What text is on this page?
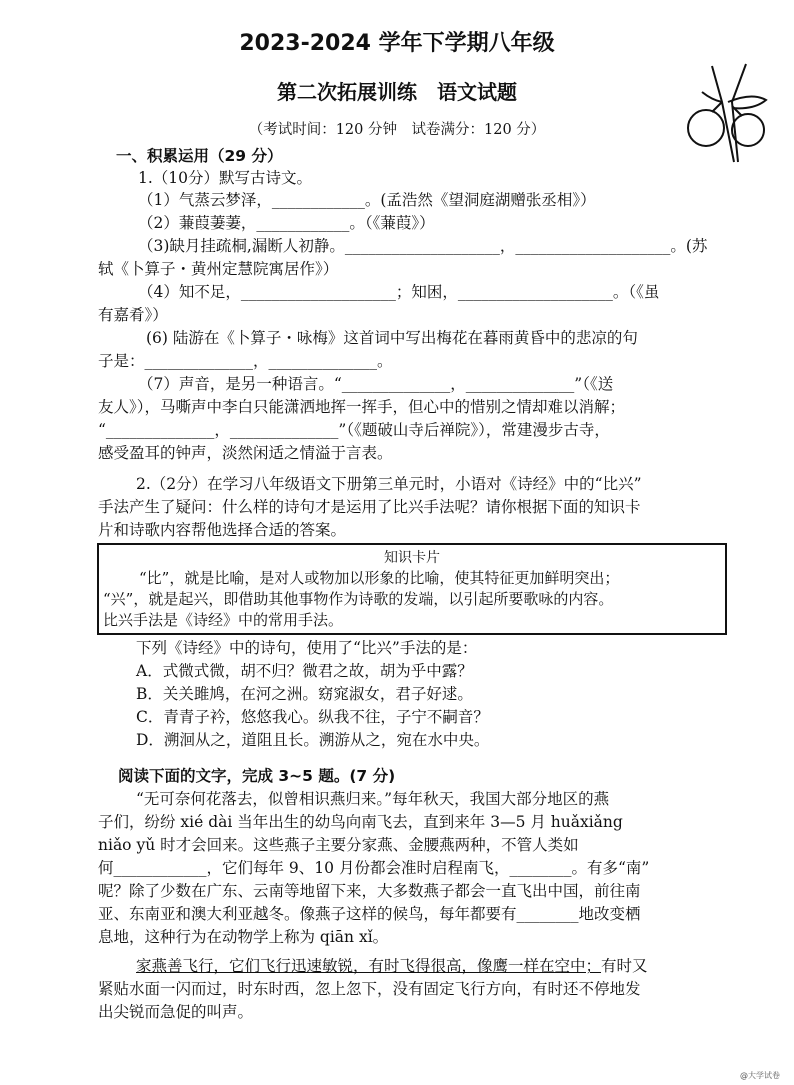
2023-2024 学年下学期八年级
第二次拓展训练　语文试题
（考试时间：120 分钟　试卷满分：120 分）
一、积累运用（29 分）
1.（10分）默写古诗文。
（1）气蒸云梦泽，____________。(孟浩然《望洞庭湖赠张丞相》）
（2）蒹葭萋萋，____________。（《蒹葭》）
（3)缺月挂疏桐,漏断人初静。____________________，____________________。(苏
轼《卜算子・黄州定慧院寓居作》）
（4）知不足，____________________；知困，____________________。（《虽
有嘉肴》）
(6) 陆游在《卜算子・咏梅》这首词中写出梅花在暮雨黄昏中的悲凉的句
子是：______________，______________。
（7）声音，是另一种语言。“______________，______________”（《送
友人》），马嘶声中李白只能潇洒地挥一挥手，但心中的惜别之情却难以消解；
“______________，______________”（《题破山寺后禅院》），常建漫步古寺，
感受盈耳的钟声，淡然闲适之情溢于言表。
2.（2分）在学习八年级语文下册第三单元时，小语对《诗经》中的“比兴”
手法产生了疑问：什么样的诗句才是运用了比兴手法呢？请你根据下面的知识卡
片和诗歌内容帮他选择合适的答案。
知识卡片
“比”，就是比喻，是对人或物加以形象的比喻，使其特征更加鲜明突出；
“兴”，就是起兴，即借助其他事物作为诗歌的发端，以引起所要歌咏的内容。
比兴手法是《诗经》中的常用手法。
下列《诗经》中的诗句，使用了“比兴”手法的是：
A．式微式微，胡不归？微君之故，胡为乎中露？
B．关关雎鸠，在河之洲。窈窕淑女，君子好逑。
C．青青子衿，悠悠我心。纵我不往，子宁不嗣音？
D．溯洄从之，道阻且长。溯游从之，宛在水中央。
阅读下面的文字，完成 3~5 题。(7 分)
“无可奈何花落去，似曾相识燕归来。”每年秋天，我国大部分地区的燕
子们，纷纷 xié dài 当年出生的幼鸟向南飞去，直到来年 3—5 月 huǎxiǎng
niǎo yǔ 时才会回来。这些燕子主要分家燕、金腰燕两种，不管人类如
何____________，它们每年 9、10 月份都会准时启程南飞，________。有多“南”
呢？除了少数在广东、云南等地留下来，大多数燕子都会一直飞出中国，前往南
亚、东南亚和澳大利亚越冬。像燕子这样的候鸟，每年都要有________地改变栖
息地，这种行为在动物学上称为 qiān xǐ。
家燕善飞行，它们飞行迅速敏锐，有时飞得很高，像鹰一样在空中；有时又
紧贴水面一闪而过，时东时西，忽上忽下，没有固定飞行方向，有时还不停地发
出尖锐而急促的叫声。
@大学试卷
